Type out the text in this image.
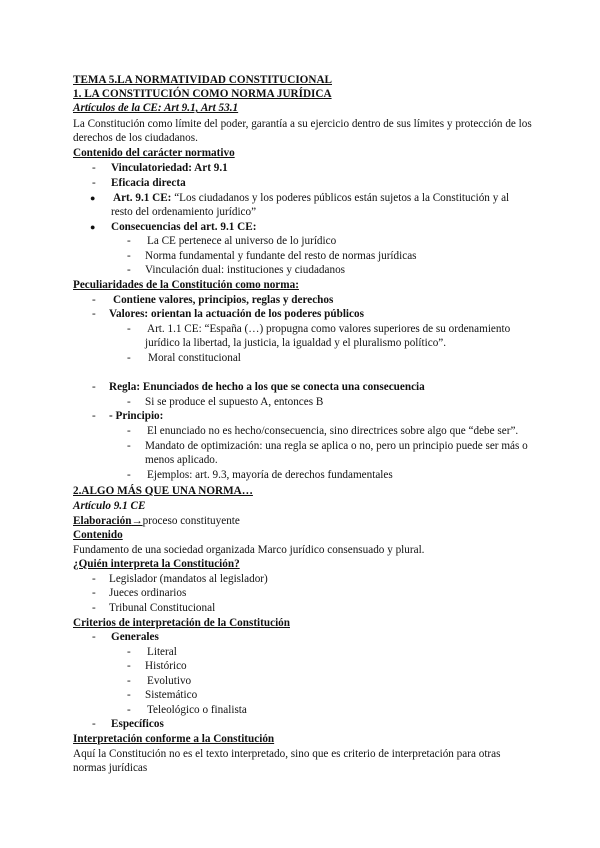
TEMA 5.LA NORMATIVIDAD CONSTITUCIONAL
1. LA CONSTITUCIÓN COMO NORMA JURÍDICA
Artículos de la CE: Art 9.1, Art 53.1
La Constitución como límite del poder, garantía a su ejercicio dentro de sus límites y protección de los
derechos de los ciudadanos.
Contenido del carácter normativo
- Vinculatoriedad: Art 9.1
- Eficacia directa
● Art. 9.1 CE: “Los ciudadanos y los poderes públicos están sujetos a la Constitución y al
resto del ordenamiento jurídico”
● Consecuencias del art. 9.1 CE:
- La CE pertenece al universo de lo jurídico
- Norma fundamental y fundante del resto de normas jurídicas
- Vinculación dual: instituciones y ciudadanos
Peculiaridades de la Constitución como norma:
- Contiene valores, principios, reglas y derechos
- Valores: orientan la actuación de los poderes públicos
- Art. 1.1 CE: “España (…) propugna como valores superiores de su ordenamiento
jurídico la libertad, la justicia, la igualdad y el pluralismo político”.
- Moral constitucional
- Regla: Enunciados de hecho a los que se conecta una consecuencia
- Si se produce el supuesto A, entonces B
- - Principio:
- El enunciado no es hecho/consecuencia, sino directrices sobre algo que “debe ser”.
- Mandato de optimización: una regla se aplica o no, pero un principio puede ser más o
menos aplicado.
- Ejemplos: art. 9.3, mayoría de derechos fundamentales
2.ALGO MÁS QUE UNA NORMA…
Artículo 9.1 CE
Elaboración→proceso constituyente
Contenido
Fundamento de una sociedad organizada Marco jurídico consensuado y plural.
¿Quién interpreta la Constitución?
- Legislador (mandatos al legislador)
- Jueces ordinarios
- Tribunal Constitucional
Criterios de interpretación de la Constitución
- Generales
- Literal
- Histórico
- Evolutivo
- Sistemático
- Teleológico o finalista
- Específicos
Interpretación conforme a la Constitución
Aquí la Constitución no es el texto interpretado, sino que es criterio de interpretación para otras
normas jurídicas
